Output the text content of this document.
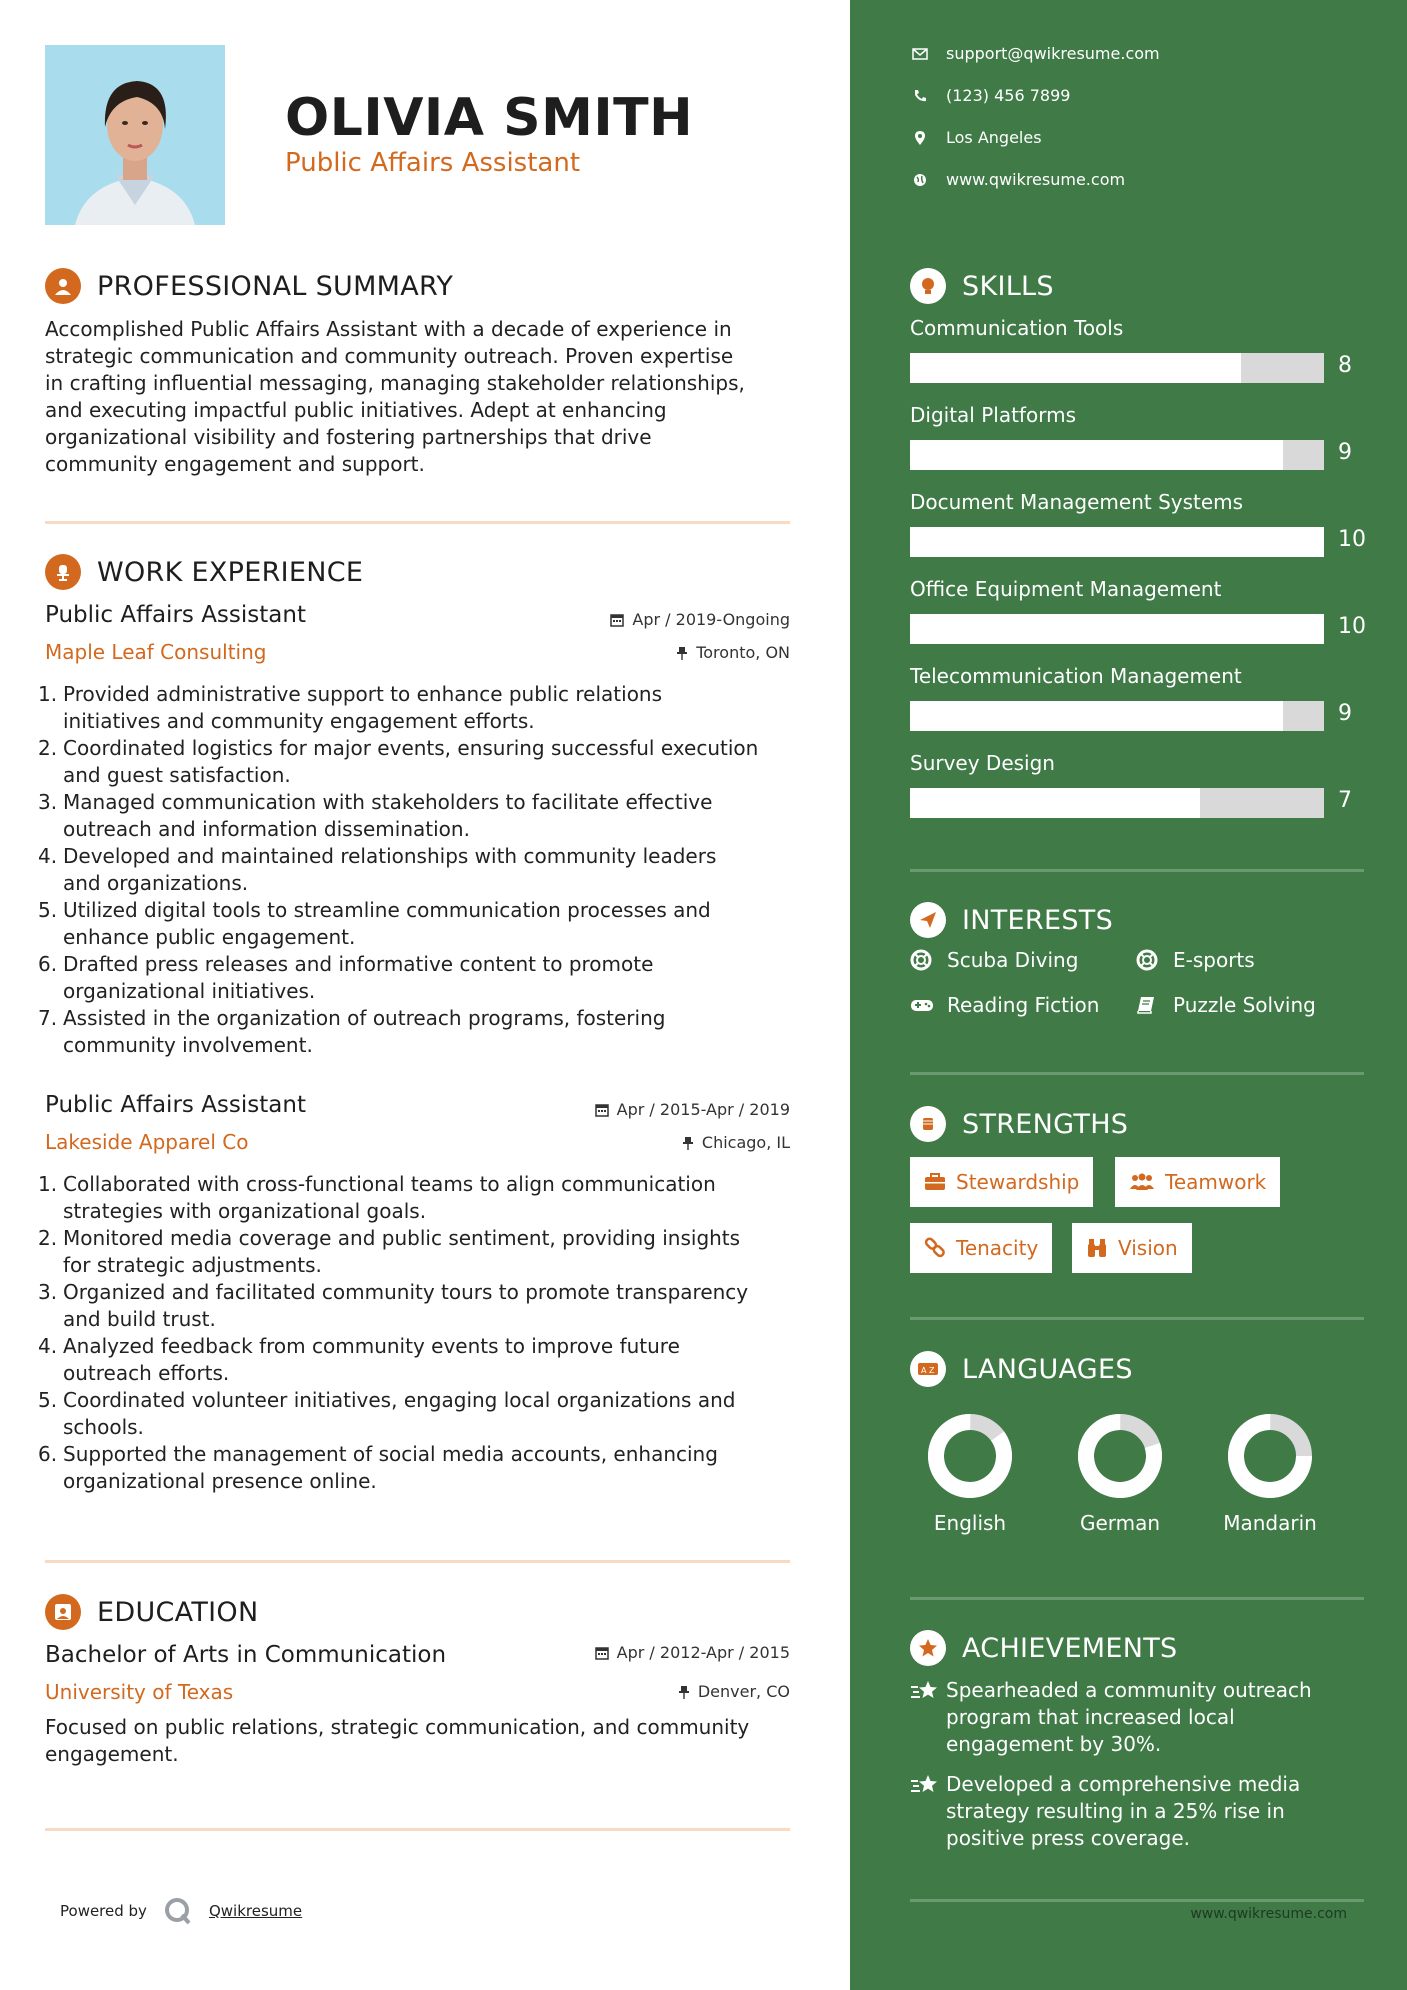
OLIVIA SMITH
Public Affairs Assistant
PROFESSIONAL SUMMARY
Accomplished Public Affairs Assistant with a decade of experience in
strategic communication and community outreach. Proven expertise
in crafting influential messaging, managing stakeholder relationships,
and executing impactful public initiatives. Adept at enhancing
organizational visibility and fostering partnerships that drive
community engagement and support.
WORK EXPERIENCE
Public Affairs Assistant	Apr / 2019-Ongoing
Maple Leaf Consulting	Toronto, ON
1. Provided administrative support to enhance public relations
initiatives and community engagement efforts.
2. Coordinated logistics for major events, ensuring successful execution
and guest satisfaction.
3. Managed communication with stakeholders to facilitate effective
outreach and information dissemination.
4. Developed and maintained relationships with community leaders
and organizations.
5. Utilized digital tools to streamline communication processes and
enhance public engagement.
6. Drafted press releases and informative content to promote
organizational initiatives.
7. Assisted in the organization of outreach programs, fostering
community involvement.
Public Affairs Assistant	Apr / 2015-Apr / 2019
Lakeside Apparel Co	Chicago, IL
1. Collaborated with cross-functional teams to align communication
strategies with organizational goals.
2. Monitored media coverage and public sentiment, providing insights
for strategic adjustments.
3. Organized and facilitated community tours to promote transparency
and build trust.
4. Analyzed feedback from community events to improve future
outreach efforts.
5. Coordinated volunteer initiatives, engaging local organizations and
schools.
6. Supported the management of social media accounts, enhancing
organizational presence online.
EDUCATION
Bachelor of Arts in Communication	Apr / 2012-Apr / 2015
University of Texas	Denver, CO
Focused on public relations, strategic communication, and community
engagement.
Powered by	Qwikresume
support@qwikresume.com
(123) 456 7899
Los Angeles
www.qwikresume.com
SKILLS
Communication Tools
8
Digital Platforms
9
Document Management Systems
10
Office Equipment Management
10
Telecommunication Management
9
Survey Design
7
INTERESTS
Scuba Diving	E-sports
Reading Fiction	Puzzle Solving
STRENGTHS
Stewardship	Teamwork
Tenacity	Vision
A Z LANGUAGES
English	German	Mandarin
ACHIEVEMENTS
Spearheaded a community outreach
program that increased local
engagement by 30%.
Developed a comprehensive media
strategy resulting in a 25% rise in
positive press coverage.
www.qwikresume.com
